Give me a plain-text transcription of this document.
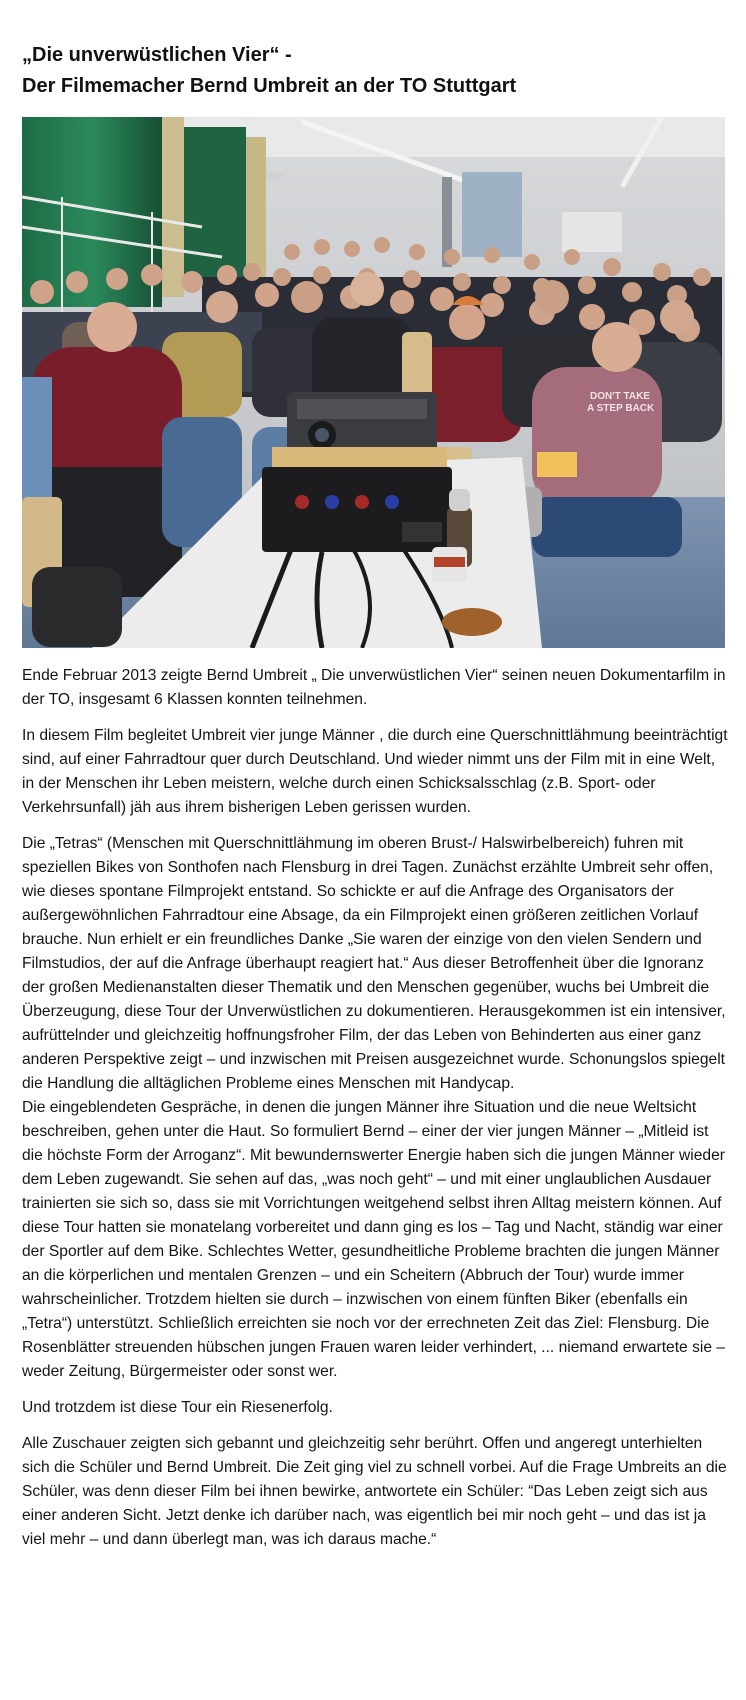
„Die unverwüstlichen Vier“ -
Der Filmemacher Bernd Umbreit an der TO Stuttgart
DON'T TAKE
A STEP BACK

Ende Februar 2013 zeigte Bernd Umbreit „ Die unverwüstlichen Vier“ seinen neuen Dokumentarfilm in der TO, insgesamt 6 Klassen konnten teilnehmen.

In diesem Film begleitet Umbreit vier junge Männer , die durch eine Querschnittlähmung beeinträchtigt sind, auf einer Fahrradtour quer durch Deutschland. Und wieder nimmt uns der Film mit in eine Welt, in der Menschen ihr Leben meistern, welche durch einen Schicksalsschlag (z.B. Sport- oder Verkehrsunfall) jäh aus ihrem bisherigen Leben gerissen wurden.

Die „Tetras“ (Menschen mit Querschnittlähmung im oberen Brust-/ Halswirbelbereich) fuhren mit speziellen Bikes von Sonthofen nach Flensburg in drei Tagen. Zunächst erzählte Umbreit sehr offen, wie dieses spontane Filmprojekt entstand. So schickte er auf die Anfrage des Organisators der außergewöhnlichen Fahrradtour eine Absage, da ein Filmprojekt einen größeren zeitlichen Vorlauf brauche. Nun erhielt er ein freundliches Danke „Sie waren der einzige von den vielen Sendern und Filmstudios, der auf die Anfrage überhaupt reagiert hat.“ Aus dieser Betroffenheit über die Ignoranz der großen Medienanstalten dieser Thematik und den Menschen gegenüber, wuchs bei Umbreit die Überzeugung, diese Tour der Unverwüstlichen zu dokumentieren. Herausgekommen ist ein intensiver, aufrüttelnder und gleichzeitig hoffnungsfroher Film, der das Leben von Behinderten aus einer ganz anderen Perspektive zeigt – und inzwischen mit Preisen ausgezeichnet wurde. Schonungslos spiegelt die Handlung die alltäglichen Probleme eines Menschen mit Handycap.

Die eingeblendeten Gespräche, in denen die jungen Männer ihre Situation und die neue Weltsicht beschreiben, gehen unter die Haut. So formuliert Bernd – einer der vier jungen Männer – „Mitleid ist die höchste Form der Arroganz“. Mit bewundernswerter Energie haben sich die jungen Männer wieder dem Leben zugewandt. Sie sehen auf das, „was noch geht“ – und mit einer unglaublichen Ausdauer trainierten sie sich so, dass sie mit Vorrichtungen weitgehend selbst ihren Alltag meistern können. Auf diese Tour hatten sie monatelang vorbereitet und dann ging es los – Tag und Nacht, ständig war einer der Sportler auf dem Bike. Schlechtes Wetter, gesundheitliche Probleme brachten die jungen Männer an die körperlichen und mentalen Grenzen – und ein Scheitern (Abbruch der Tour) wurde immer wahrscheinlicher. Trotzdem hielten sie durch – inzwischen von einem fünften Biker (ebenfalls ein „Tetra“) unterstützt. Schließlich erreichten sie noch vor der errechneten Zeit das Ziel: Flensburg. Die Rosenblätter streuenden hübschen jungen Frauen waren leider verhindert, ... niemand erwartete sie – weder Zeitung, Bürgermeister oder sonst wer.

Und trotzdem ist diese Tour ein Riesenerfolg.

Alle Zuschauer zeigten sich gebannt und gleichzeitig sehr berührt. Offen und angeregt unterhielten sich die Schüler und Bernd Umbreit. Die Zeit ging viel zu schnell vorbei. Auf die Frage Umbreits an die Schüler, was denn dieser Film bei ihnen bewirke, antwortete ein Schüler: “Das Leben zeigt sich aus einer anderen Sicht. Jetzt denke ich darüber nach, was eigentlich bei mir noch geht – und das ist ja viel mehr – und dann überlegt man, was ich daraus mache.“
